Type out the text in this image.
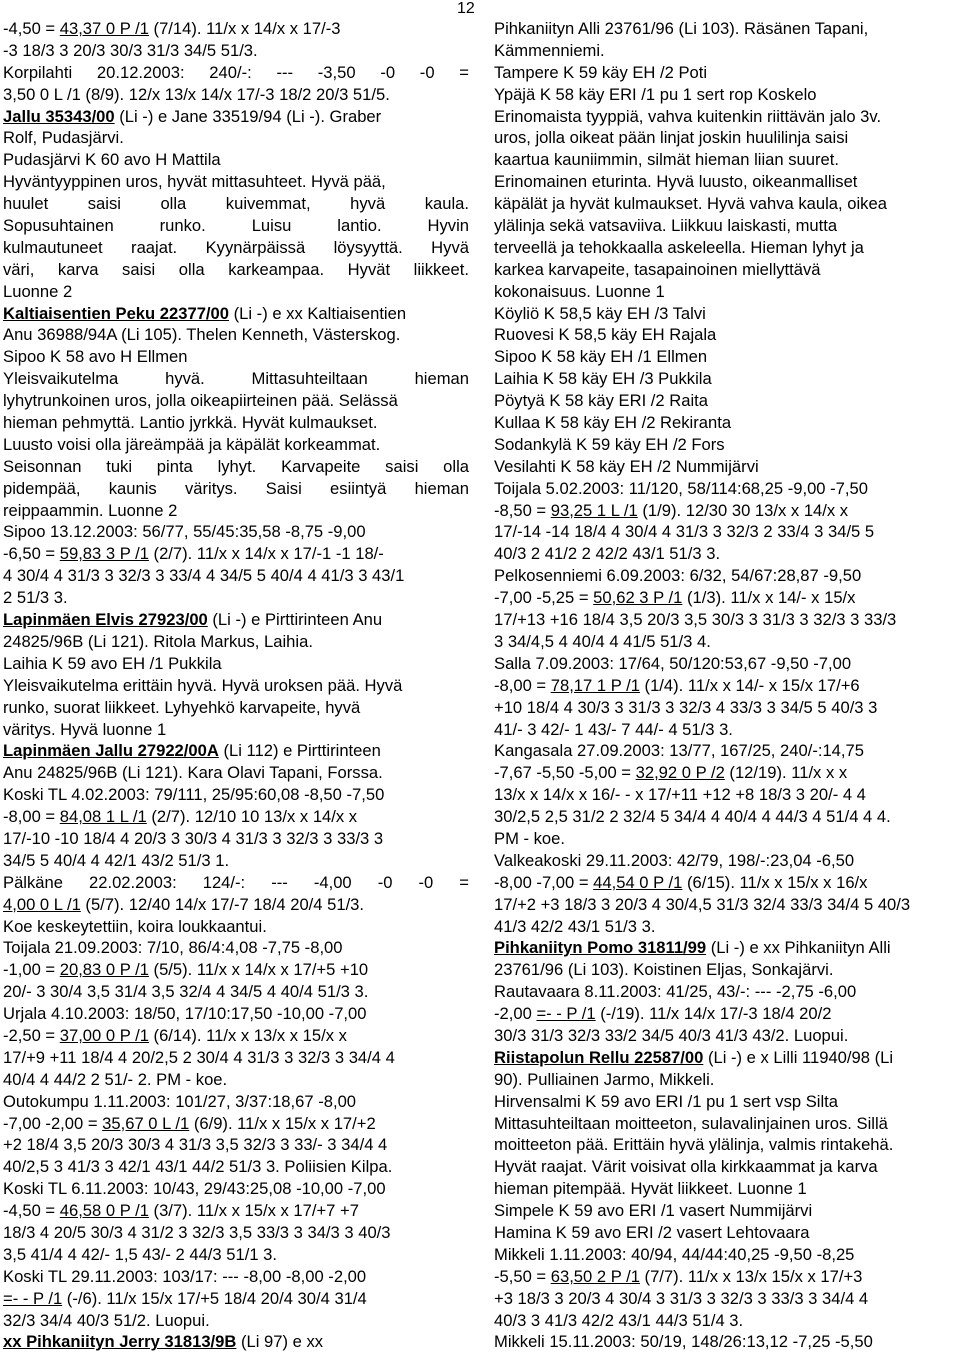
12
-4,50 = 43,37 0 P /1 (7/14). 11/x x 14/x x 17/-3
-3 18/3 3 20/3 30/3 31/3 34/5 51/3.
Korpilahti 20.12.2003: 240/-: --- -3,50 -0 -0 =
3,50 0 L /1 (8/9). 12/x 13/x 14/x 17/-3 18/2 20/3 51/5.
Jallu 35343/00 (Li -) e Jane 33519/94 (Li -). Graber
Rolf, Pudasjärvi.
Pudasjärvi K 60 avo H Mattila
Hyväntyyppinen uros, hyvät mittasuhteet. Hyvä pää,
huulet saisi olla kuivemmat, hyvä kaula.
Sopusuhtainen runko. Luisu lantio. Hyvin
kulmautuneet raajat. Kyynärpäissä löysyyttä. Hyvä
väri, karva saisi olla karkeampaa. Hyvät liikkeet.
Luonne 2
Kaltiaisentien Peku 22377/00 (Li -) e xx Kaltiaisentien
Anu 36988/94A (Li 105). Thelen Kenneth, Västerskog.
Sipoo K 58 avo H Ellmen
Yleisvaikutelma hyvä. Mittasuhteiltaan hieman
lyhytrunkoinen uros, jolla oikeapiirteinen pää. Selässä
hieman pehmyttä. Lantio jyrkkä. Hyvät kulmaukset.
Luusto voisi olla järeämpää ja käpälät korkeammat.
Seisonnan tuki pinta lyhyt. Karvapeite saisi olla
pidempää, kaunis väritys. Saisi esiintyä hieman
reippaammin. Luonne 2
Sipoo 13.12.2003: 56/77, 55/45:35,58 -8,75 -9,00
-6,50 = 59,83 3 P /1 (2/7). 11/x x 14/x x 17/-1 -1 18/-
4 30/4 4 31/3 3 32/3 3 33/4 4 34/5 5 40/4 4 41/3 3 43/1
2 51/3 3.
Lapinmäen Elvis 27923/00 (Li -) e Pirttirinteen Anu
24825/96B (Li 121). Ritola Markus, Laihia.
Laihia K 59 avo EH /1 Pukkila
Yleisvaikutelma erittäin hyvä. Hyvä uroksen pää. Hyvä
runko, suorat liikkeet. Lyhyehkö karvapeite, hyvä
väritys. Hyvä luonne 1
Lapinmäen Jallu 27922/00A (Li 112) e Pirttirinteen
Anu 24825/96B (Li 121). Kara Olavi Tapani, Forssa.
Koski TL 4.02.2003: 79/111, 25/95:60,08 -8,50 -7,50
-8,00 = 84,08 1 L /1 (2/7). 12/10 10 13/x x 14/x x
17/-10 -10 18/4 4 20/3 3 30/3 4 31/3 3 32/3 3 33/3 3
34/5 5 40/4 4 42/1 43/2 51/3 1.
Pälkäne 22.02.2003: 124/-: --- -4,00 -0 -0 =
4,00 0 L /1 (5/7). 12/40 14/x 17/-7 18/4 20/4 51/3.
Koe keskeytettiin, koira loukkaantui.
Toijala 21.09.2003: 7/10, 86/4:4,08 -7,75 -8,00
-1,00 = 20,83 0 P /1 (5/5). 11/x x 14/x x 17/+5 +10
20/- 3 30/4 3,5 31/4 3,5 32/4 4 34/5 4 40/4 51/3 3.
Urjala 4.10.2003: 18/50, 17/10:17,50 -10,00 -7,00
-2,50 = 37,00 0 P /1 (6/14). 11/x x 13/x x 15/x x
17/+9 +11 18/4 4 20/2,5 2 30/4 4 31/3 3 32/3 3 34/4 4
40/4 4 44/2 2 51/- 2. PM - koe.
Outokumpu 1.11.2003: 101/27, 3/37:18,67 -8,00
-7,00 -2,00 = 35,67 0 L /1 (6/9). 11/x x 15/x x 17/+2
+2 18/4 3,5 20/3 30/3 4 31/3 3,5 32/3 3 33/- 3 34/4 4
40/2,5 3 41/3 3 42/1 43/1 44/2 51/3 3. Poliisien Kilpa.
Koski TL 6.11.2003: 10/43, 29/43:25,08 -10,00 -7,00
-4,50 = 46,58 0 P /1 (3/7). 11/x x 15/x x 17/+7 +7
18/3 4 20/5 30/3 4 31/2 3 32/3 3,5 33/3 3 34/3 3 40/3
3,5 41/4 4 42/- 1,5 43/- 2 44/3 51/1 3.
Koski TL 29.11.2003: 103/17: --- -8,00 -8,00 -2,00
=- - P /1 (-/6). 11/x 15/x 17/+5 18/4 20/4 30/4 31/4
32/3 34/4 40/3 51/2. Luopui.
xx Pihkaniityn Jerry 31813/9B (Li 97) e xx
Pihkaniityn Alli 23761/96 (Li 103). Räsänen Tapani,
Kämmenniemi.
Tampere K 59 käy EH /2 Poti
Ypäjä K 58 käy ERI /1 pu 1 sert rop Koskelo
Erinomaista tyyppiä, vahva kuitenkin riittävän jalo 3v.
uros, jolla oikeat pään linjat joskin huulilinja saisi
kaartua kauniimmin, silmät hieman liian suuret.
Erinomainen eturinta. Hyvä luusto, oikeanmalliset
käpälät ja hyvät kulmaukset. Hyvä vahva kaula, oikea
ylälinja sekä vatsaviiva. Liikkuu laiskasti, mutta
terveellä ja tehokkaalla askeleella. Hieman lyhyt ja
karkea karvapeite, tasapainoinen miellyttävä
kokonaisuus. Luonne 1
Köyliö K 58,5 käy EH /3 Talvi
Ruovesi K 58,5 käy EH Rajala
Sipoo K 58 käy EH /1 Ellmen
Laihia K 58 käy EH /3 Pukkila
Pöytyä K 58 käy ERI /2 Raita
Kullaa K 58 käy EH /2 Rekiranta
Sodankylä K 59 käy EH /2 Fors
Vesilahti K 58 käy EH /2 Nummijärvi
Toijala 5.02.2003: 11/120, 58/114:68,25 -9,00 -7,50
-8,50 = 93,25 1 L /1 (1/9). 12/30 30 13/x x 14/x x
17/-14 -14 18/4 4 30/4 4 31/3 3 32/3 2 33/4 3 34/5 5
40/3 2 41/2 2 42/2 43/1 51/3 3.
Pelkosenniemi 6.09.2003: 6/32, 54/67:28,87 -9,50
-7,00 -5,25 = 50,62 3 P /1 (1/3). 11/x x 14/- x 15/x
17/+13 +16 18/4 3,5 20/3 3,5 30/3 3 31/3 3 32/3 3 33/3
3 34/4,5 4 40/4 4 41/5 51/3 4.
Salla 7.09.2003: 17/64, 50/120:53,67 -9,50 -7,00
-8,00 = 78,17 1 P /1 (1/4). 11/x x 14/- x 15/x 17/+6
+10 18/4 4 30/3 3 31/3 3 32/3 4 33/3 3 34/5 5 40/3 3
41/- 3 42/- 1 43/- 7 44/- 4 51/3 3.
Kangasala 27.09.2003: 13/77, 167/25, 240/-:14,75
-7,67 -5,50 -5,00 = 32,92 0 P /2 (12/19). 11/x x x
13/x x 14/x x 16/- - x 17/+11 +12 +8 18/3 3 20/- 4 4
30/2,5 2,5 31/2 2 32/4 5 34/4 4 40/4 4 44/3 4 51/4 4 4.
PM - koe.
Valkeakoski 29.11.2003: 42/79, 198/-:23,04 -6,50
-8,00 -7,00 = 44,54 0 P /1 (6/15). 11/x x 15/x x 16/x
17/+2 +3 18/3 3 20/3 4 30/4,5 31/3 32/4 33/3 34/4 5 40/3
41/3 42/2 43/1 51/3 3.
Pihkaniityn Pomo 31811/99 (Li -) e xx Pihkaniityn Alli
23761/96 (Li 103). Koistinen Eljas, Sonkajärvi.
Rautavaara 8.11.2003: 41/25, 43/-: --- -2,75 -6,00
-2,00 =- - P /1 (-/19). 11/x 14/x 17/-3 18/4 20/2
30/3 31/3 32/3 33/2 34/5 40/3 41/3 43/2. Luopui.
Riistapolun Rellu 22587/00 (Li -) e x Lilli 11940/98 (Li
90). Pulliainen Jarmo, Mikkeli.
Hirvensalmi K 59 avo ERI /1 pu 1 sert vsp Silta
Mittasuhteiltaan moitteeton, sulavalinjainen uros. Sillä
moitteeton pää. Erittäin hyvä ylälinja, valmis rintakehä.
Hyvät raajat. Värit voisivat olla kirkkaammat ja karva
hieman pitempää. Hyvät liikkeet. Luonne 1
Simpele K 59 avo ERI /1 vasert Nummijärvi
Hamina K 59 avo ERI /2 vasert Lehtovaara
Mikkeli 1.11.2003: 40/94, 44/44:40,25 -9,50 -8,25
-5,50 = 63,50 2 P /1 (7/7). 11/x x 13/x 15/x x 17/+3
+3 18/3 3 20/3 4 30/4 3 31/3 3 32/3 3 33/3 3 34/4 4
40/3 3 41/3 42/2 43/1 44/3 51/4 3.
Mikkeli 15.11.2003: 50/19, 148/26:13,12 -7,25 -5,50
